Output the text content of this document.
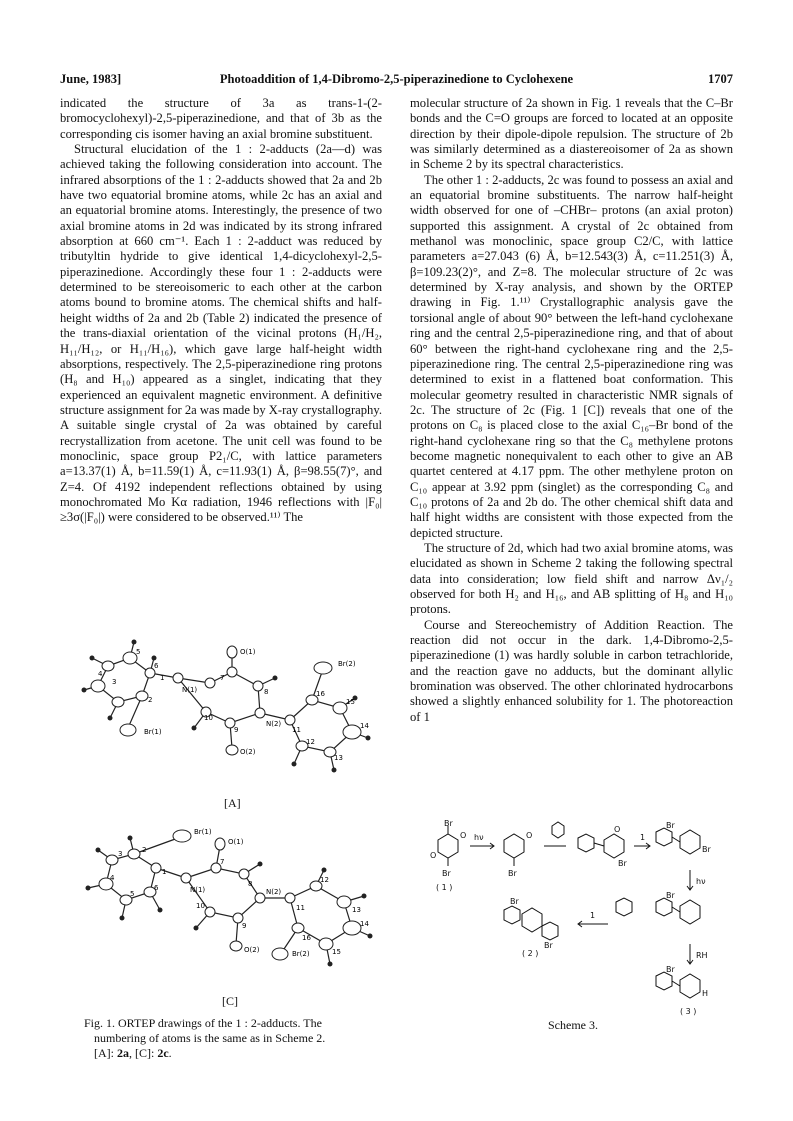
June, 1983]	Photoaddition of 1,4-Dibromo-2,5-piperazinedione to Cyclohexene	1707

indicated the structure of 3a as trans-1-(2-bromocyclohexyl)-2,5-piperazinedione, and that of 3b as the corresponding cis isomer having an axial bromine substituent.

Structural elucidation of the 1 : 2-adducts (2a—d) was achieved taking the following consideration into account. The infrared absorptions of the 1 : 2-adducts showed that 2a and 2b have two equatorial bromine atoms, while 2c has an axial and an equatorial bromine atoms. Interestingly, the presence of two axial bromine atoms in 2d was indicated by its strong infrared absorption at 660 cm⁻¹. Each 1 : 2-adduct was reduced by tributyltin hydride to give identical 1,4-dicyclohexyl-2,5-piperazinedione. Accordingly these four 1 : 2-adducts were determined to be stereoisomeric to each other at the carbon atoms bound to bromine atoms. The chemical shifts and half-height widths of 2a and 2b (Table 2) indicated the presence of the trans-diaxial orientation of the vicinal protons (H₁/H₂, H₁₁/H₁₂, or H₁₁/H₁₆), which gave large half-height width absorptions, respectively. The 2,5-piperazinedione ring protons (H₈ and H₁₀) appeared as a singlet, indicating that they experienced an equivalent magnetic environment. A definitive structure assignment for 2a was made by X-ray crystallography. A suitable single crystal of 2a was obtained by careful recrystallization from acetone. The unit cell was found to be monoclinic, space group P2₁/C, with lattice parameters a=13.37(1) Å, b=11.59(1) Å, c=11.93(1) Å, β=98.55(7)°, and Z=4. Of 4192 independent reflections obtained by using monochromated Mo Kα radiation, 1946 reflections with |F₀|≥3σ(|F₀|) were considered to be observed.¹¹⁾ The

molecular structure of 2a shown in Fig. 1 reveals that the C–Br bonds and the C=O groups are forced to located at an opposite direction by their dipole-dipole repulsion. The structure of 2b was similarly determined as a diastereoisomer of 2a as shown in Scheme 2 by its spectral characteristics.

The other 1 : 2-adducts, 2c was found to possess an axial and an equatorial bromine substituents. The narrow half-height width observed for one of –CHBr– protons (an axial proton) supported this assignment. A crystal of 2c obtained from methanol was monoclinic, space group C2/C, with lattice parameters a=27.043 (6) Å, b=12.543(3) Å, c=11.251(3) Å, β=109.23(2)°, and Z=8. The molecular structure of 2c was determined by X-ray analysis, and shown by the ORTEP drawing in Fig. 1.¹¹⁾ Crystallographic analysis gave the torsional angle of about 90° between the left-hand cyclohexane ring and the central 2,5-piperazinedione ring, and that of about 60° between the right-hand cyclohexane ring and the 2,5-piperazinedione ring. The central 2,5-piperazinedione ring was determined to exist in a flattened boat conformation. This molecular geometry resulted in characteristic NMR signals of 2c. The structure of 2c (Fig. 1 [C]) reveals that one of the protons on C₈ is placed close to the axial C₁₆–Br bond of the right-hand cyclohexane ring so that the C₈ methylene protons become magnetic nonequivalent to each other to give an AB quartet centered at 4.17 ppm. The other methylene proton on C₁₀ appear at 3.92 ppm (singlet) as the corresponding C₈ and C₁₀ protons of 2a and 2b do. The other chemical shift data and half hight widths are consistent with those expected from the depicted structure.

The structure of 2d, which had two axial bromine atoms, was elucidated as shown in Scheme 2 taking the following spectral data into consideration; low field shift and narrow Δν₁/₂ observed for both H₂ and H₁₆, and AB splitting of H₈ and H₁₀ protons.

Course and Stereochemistry of Addition Reaction. The reaction did not occur in the dark. 1,4-Dibromo-2,5-piperazinedione (1) was hardly soluble in carbon tetrachloride, and the reaction gave no adducts, but the dominant allylic bromination was observed. The other chlorinated hydrocarbons showed a slightly enhanced solubility for 1. The photoreaction of 1

Br(2)
O(1)
N(1)
N(2)
Br(1)
O(2)
1
2
3
4
5
6
7
8
9
10
11
12
13
14
15
16
[A]
Br(1)
O(1)
N(1)	N(2)
O(2)	Br(2)
1
2
3
4
5
6
7
8
9
10	11
12
13
14
15
16
[C]
Fig. 1. ORTEP drawings of the 1 : 2-adducts. The
numbering of atoms is the same as in Scheme 2.
[A]: 2a, [C]: 2c.
Br
Br
O
O
hν
Br
O
O
Br
1
Br
Br
hν
Br
1
Br
Br
RH
Br
H
( 1 )
( 2 )
( 3 )
Scheme 3.
